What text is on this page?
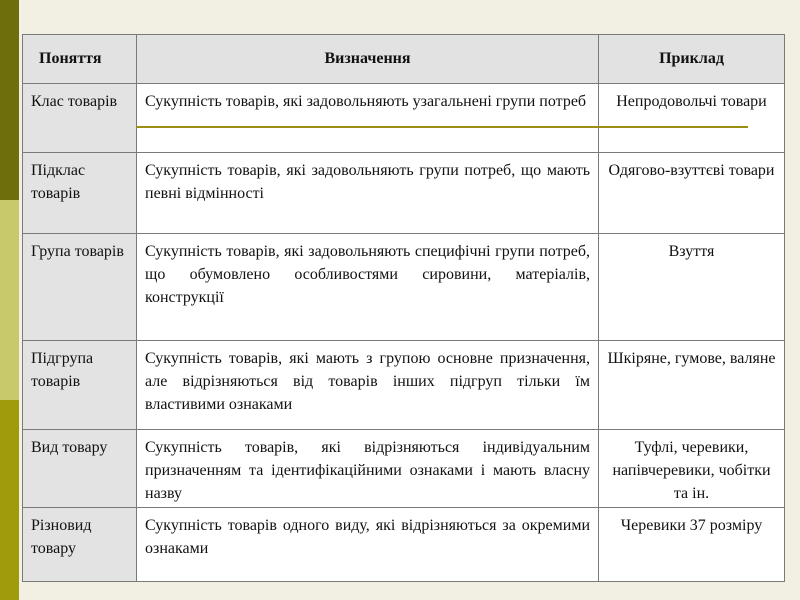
Поняття	Визначення	Приклад
Клас товарів	Сукупність товарів, які задовольняють узагальнені групи потреб	Непродовольчі товари
Підклас товарів	Сукупність товарів, які задовольняють групи потреб, що мають певні відмінності	Одягово-взуттєві товари
Група товарів	Сукупність товарів, які задовольняють специфічні групи потреб, що обумовлено особливостями сировини, матеріалів, конструкції	Взуття
Підгрупа товарів	Сукупність товарів, які мають з групою основне призначення, але відрізняються від товарів інших підгруп тільки їм властивими ознаками	Шкіряне, гумове, валяне
Вид товару	Сукупність товарів, які відрізняються індивідуальним призначенням та ідентифікаційними ознаками і мають власну назву	Туфлі, черевики, напівчеревики, чобітки та ін.
Різновид товару	Сукупність товарів одного виду, які відрізняються за окремими ознаками	Черевики 37 розміру
